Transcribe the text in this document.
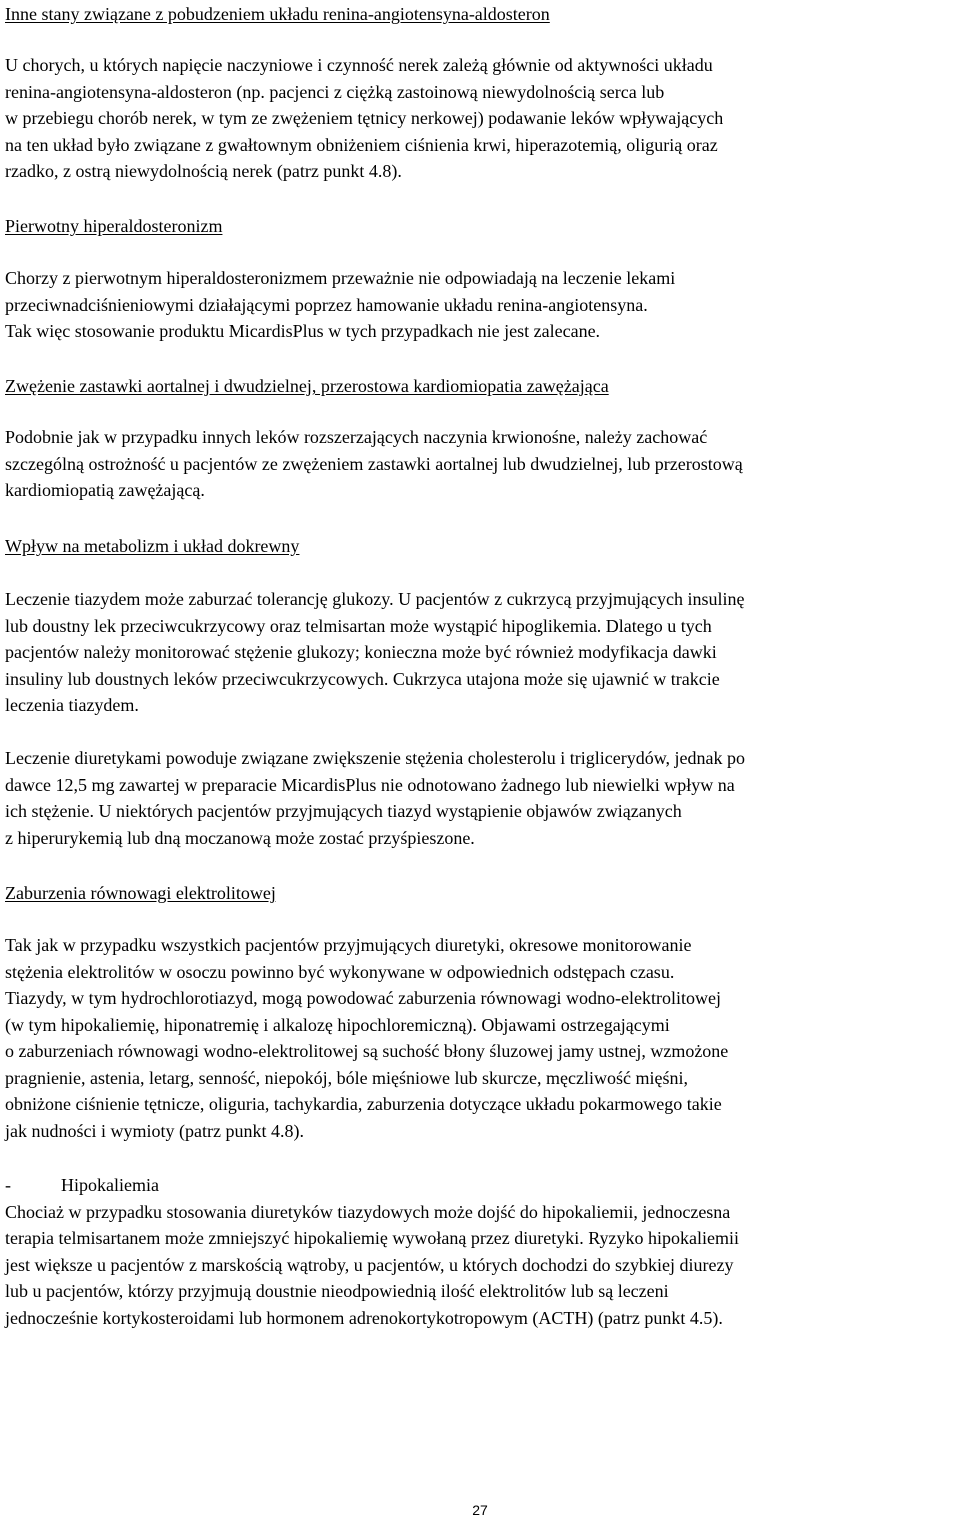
Inne stany związane z pobudzeniem układu renina-angiotensyna-aldosteron
U chorych, u których napięcie naczyniowe i czynność nerek zależą głównie od aktywności układu
renina-angiotensyna-aldosteron (np. pacjenci z ciężką zastoinową niewydolnością serca lub
w przebiegu chorób nerek, w tym ze zwężeniem tętnicy nerkowej) podawanie leków wpływających
na ten układ było związane z gwałtownym obniżeniem ciśnienia krwi, hiperazotemią, oligurią oraz
rzadko, z ostrą niewydolnością nerek (patrz punkt 4.8).
Pierwotny hiperaldosteronizm
Chorzy z pierwotnym hiperaldosteronizmem przeważnie nie odpowiadają na leczenie lekami
przeciwnadciśnieniowymi działającymi poprzez hamowanie układu renina-angiotensyna.
Tak więc stosowanie produktu MicardisPlus w tych przypadkach nie jest zalecane.
Zwężenie zastawki aortalnej i dwudzielnej, przerostowa kardiomiopatia zawężająca
Podobnie jak w przypadku innych leków rozszerzających naczynia krwionośne, należy zachować
szczególną ostrożność u pacjentów ze zwężeniem zastawki aortalnej lub dwudzielnej, lub przerostową
kardiomiopatią zawężającą.
Wpływ na metabolizm i układ dokrewny
Leczenie tiazydem może zaburzać tolerancję glukozy. U pacjentów z cukrzycą przyjmujących insulinę
lub doustny lek przeciwcukrzycowy oraz telmisartan może wystąpić hipoglikemia. Dlatego u tych
pacjentów należy monitorować stężenie glukozy; konieczna może być również modyfikacja dawki
insuliny lub doustnych leków przeciwcukrzycowych. Cukrzyca utajona może się ujawnić w trakcie
leczenia tiazydem.
Leczenie diuretykami powoduje związane zwiększenie stężenia cholesterolu i triglicerydów, jednak po
dawce 12,5 mg zawartej w preparacie MicardisPlus nie odnotowano żadnego lub niewielki wpływ na
ich stężenie. U niektórych pacjentów przyjmujących tiazyd wystąpienie objawów związanych
z hiperurykemią lub dną moczanową może zostać przyśpieszone.
Zaburzenia równowagi elektrolitowej
Tak jak w przypadku wszystkich pacjentów przyjmujących diuretyki, okresowe monitorowanie
stężenia elektrolitów w osoczu powinno być wykonywane w odpowiednich odstępach czasu.
Tiazydy, w tym hydrochlorotiazyd, mogą powodować zaburzenia równowagi wodno-elektrolitowej
(w tym hipokaliemię, hiponatremię i alkalozę hipochloremiczną). Objawami ostrzegającymi
o zaburzeniach równowagi wodno-elektrolitowej są suchość błony śluzowej jamy ustnej, wzmożone
pragnienie, astenia, letarg, senność, niepokój, bóle mięśniowe lub skurcze, męczliwość mięśni,
obniżone ciśnienie tętnicze, oliguria, tachykardia, zaburzenia dotyczące układu pokarmowego takie
jak nudności i wymioty (patrz punkt 4.8).
-	Hipokaliemia
Chociaż w przypadku stosowania diuretyków tiazydowych może dojść do hipokaliemii, jednoczesna
terapia telmisartanem może zmniejszyć hipokaliemię wywołaną przez diuretyki. Ryzyko hipokaliemii
jest większe u pacjentów z marskością wątroby, u pacjentów, u których dochodzi do szybkiej diurezy
lub u pacjentów, którzy przyjmują doustnie nieodpowiednią ilość elektrolitów lub są leczeni
jednocześnie kortykosteroidami lub hormonem adrenokortykotropowym (ACTH) (patrz punkt 4.5).
27
